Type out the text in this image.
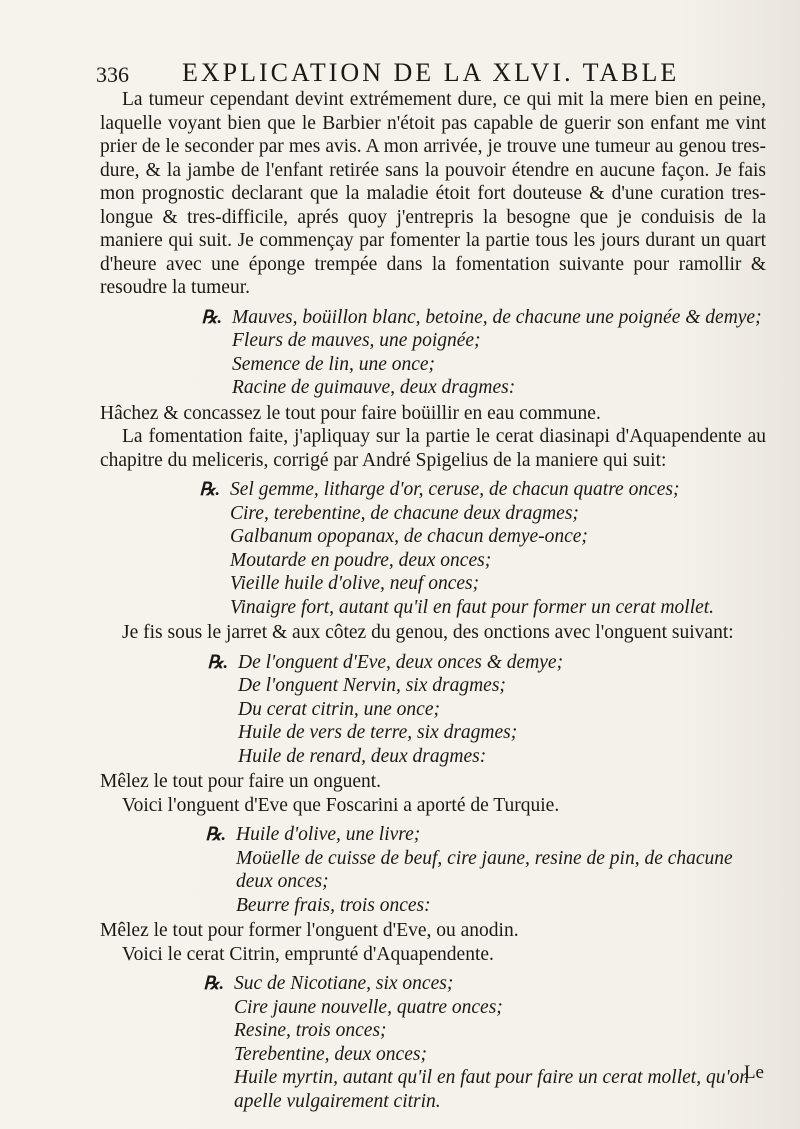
336 EXPLICATION DE LA XLVI. TABLE

La tumeur cependant devint extrémement dure, ce qui mit la mere bien en peine, laquelle voyant bien que le Barbier n'étoit pas capable de guerir son enfant me vint prier de le seconder par mes avis. A mon arrivée, je trouve une tumeur au genou tres-dure, & la jambe de l'enfant retirée sans la pouvoir étendre en aucune façon. Je fais mon prognostic declarant que la maladie étoit fort douteuse & d'une curation tres-longue & tres-difficile, aprés quoy j'entrepris la besogne que je conduisis de la maniere qui suit. Je commençay par fomenter la partie tous les jours durant un quart d'heure avec une éponge trempée dans la fomentation suivante pour ramollir & resoudre la tumeur.

℞. Mauves, boüillon blanc, betoine, de chacune une poignée & demye;
Fleurs de mauves, une poignée;
Semence de lin, une once;
Racine de guimauve, deux dragmes:

Hâchez & concassez le tout pour faire boüillir en eau commune.

La fomentation faite, j'apliquay sur la partie le cerat diasinapi d'Aquapendente au chapitre du meliceris, corrigé par André Spigelius de la maniere qui suit:

℞. Sel gemme, litharge d'or, ceruse, de chacun quatre onces;
Cire, terebentine, de chacune deux dragmes;
Galbanum opopanax, de chacun demye-once;
Moutarde en poudre, deux onces;
Vieille huile d'olive, neuf onces;
Vinaigre fort, autant qu'il en faut pour former un cerat mollet.

Je fis sous le jarret & aux côtez du genou, des onctions avec l'onguent suivant:

℞. De l'onguent d'Eve, deux onces & demye;
De l'onguent Nervin, six dragmes;
Du cerat citrin, une once;
Huile de vers de terre, six dragmes;
Huile de renard, deux dragmes:

Mêlez le tout pour faire un onguent.

Voici l'onguent d'Eve que Foscarini a aporté de Turquie.

℞. Huile d'olive, une livre;
Moüelle de cuisse de beuf, cire jaune, resine de pin, de chacune deux onces;
Beurre frais, trois onces:

Mêlez le tout pour former l'onguent d'Eve, ou anodin.

Voici le cerat Citrin, emprunté d'Aquapendente.

℞. Suc de Nicotiane, six onces;
Cire jaune nouvelle, quatre onces;
Resine, trois onces;
Terebentine, deux onces;
Huile myrtin, autant qu'il en faut pour faire un cerat mollet, qu'on apelle vulgairement citrin.
Le
